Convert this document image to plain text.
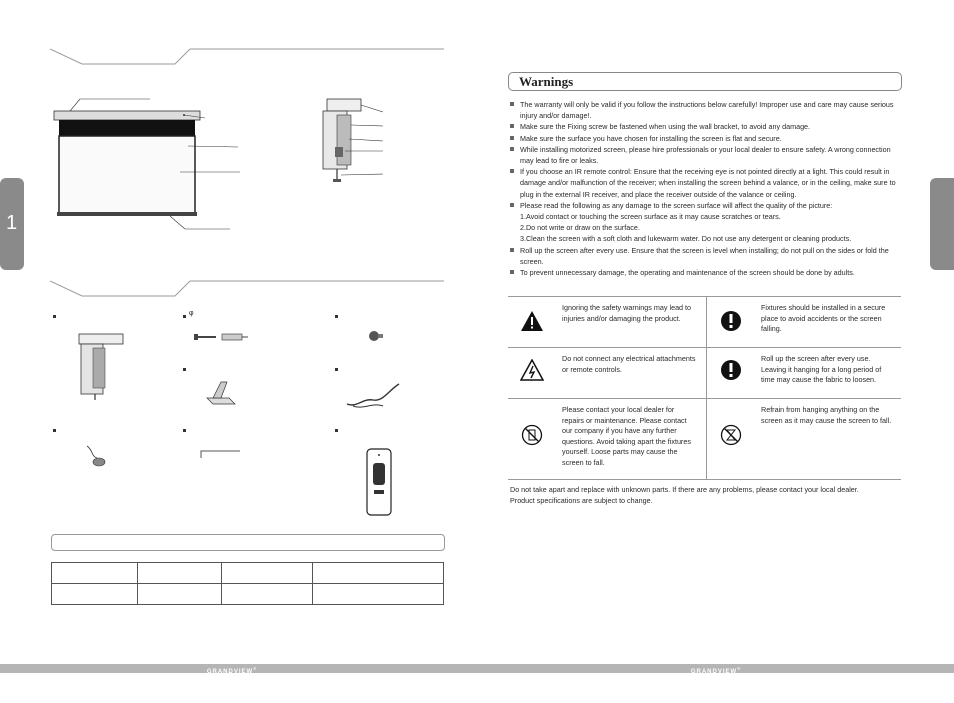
1
φ

GRANDVIEW®
Warnings
The warranty will only be valid if you follow the instructions below carefully! Improper use and care may cause serious injury and/or damage!.
Make sure the Fixing screw be fastened when using the wall bracket, to avoid any damage.
Make sure the surface you have chosen for installing the screen is flat and secure.
While installing motorized screen, please hire professionals or your local dealer to ensure safety. A wrong connection may lead to fire or leaks.
If you choose an IR remote control: Ensure that the receiving eye is not pointed directly at a light. This could result in damage and/or malfunction of the receiver; when installing the screen behind a valance, or in the ceiling, make sure to plug in the external IR receiver, and place the receiver outside of the valance or ceiling.
Please read the following as any damage to the screen surface will affect the quality of the picture:
1.Avoid contact or touching the screen surface as it may cause scratches or tears.
2.Do not write or draw on the surface.
3.Clean the screen with a soft cloth and lukewarm water. Do not use any detergent or cleaning products.
Roll up the screen after every use. Ensure that the screen is level when installing; do not pull on the sides or fold the screen.
To prevent unnecessary damage, the operating and maintenance of the screen should be done by adults.
	Ignoring the safety warnings may lead to injuries and/or damaging the product.		Fixtures should be installed in a secure place to avoid accidents or the screen falling.
	Do not connect any electrical attachments or remote controls.		Roll up the screen after every use. Leaving it hanging for a long period of time may cause the fabric to loosen.
	Please contact your local dealer for repairs or maintenance. Please contact our company if you have any further questions. Avoid taking apart the fixtures yourself. Loose parts may cause the screen to fall.		Refrain from hanging anything on the screen as it may cause the screen to fall.
Do not take apart and replace with unknown parts. If there are any problems, please contact your local dealer.
Product specifications are subject to change.
GRANDVIEW®
